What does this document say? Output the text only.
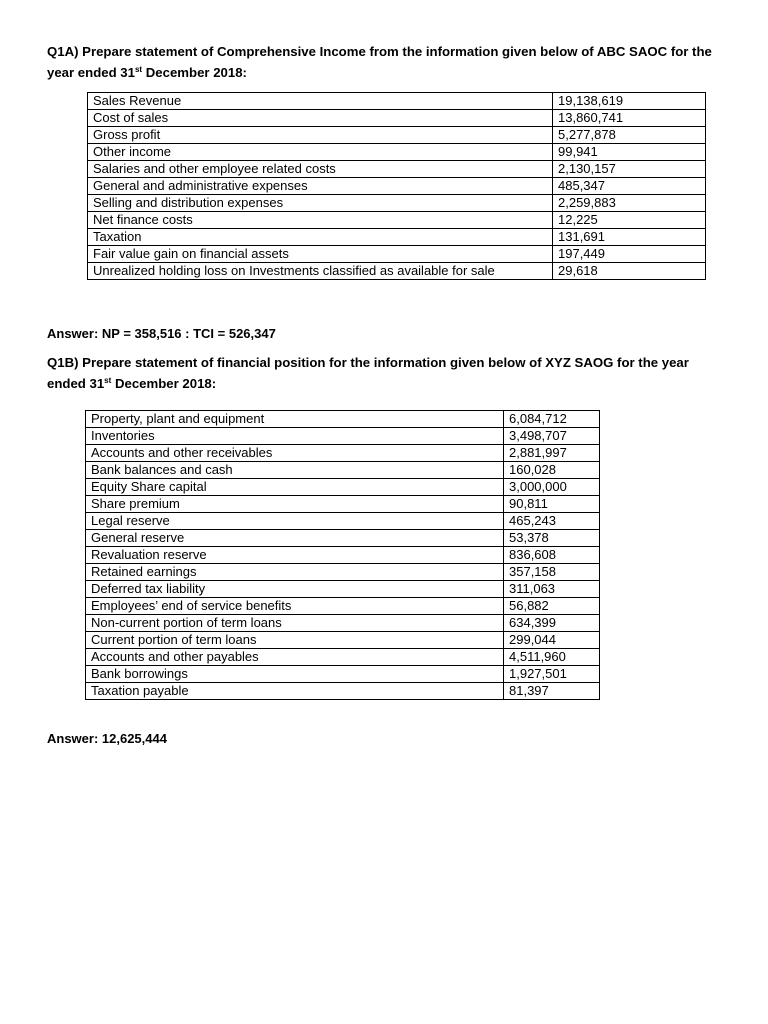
Q1A) Prepare statement of Comprehensive Income from the information given below of ABC SAOC for the year ended 31st December 2018:

Sales Revenue	19,138,619
Cost of sales	13,860,741
Gross profit	5,277,878
Other income	99,941
Salaries and other employee related costs	2,130,157
General and administrative expenses	485,347
Selling and distribution expenses	2,259,883
Net finance costs	12,225
Taxation	131,691
Fair value gain on financial assets	197,449
Unrealized holding loss on Investments classified as available for sale	29,618

Answer: NP = 358,516 : TCI = 526,347

Q1B) Prepare statement of financial position for the information given below of XYZ SAOG for the year ended 31st December 2018:

Property, plant and equipment	6,084,712
Inventories	3,498,707
Accounts and other receivables	2,881,997
Bank balances and cash	160,028
Equity Share capital	3,000,000
Share premium	90,811
Legal reserve	465,243
General reserve	53,378
Revaluation reserve	836,608
Retained earnings	357,158
Deferred tax liability	311,063
Employees’ end of service benefits	56,882
Non-current portion of term loans	634,399
Current portion of term loans	299,044
Accounts and other payables	4,511,960
Bank borrowings	1,927,501
Taxation payable	81,397

Answer: 12,625,444
